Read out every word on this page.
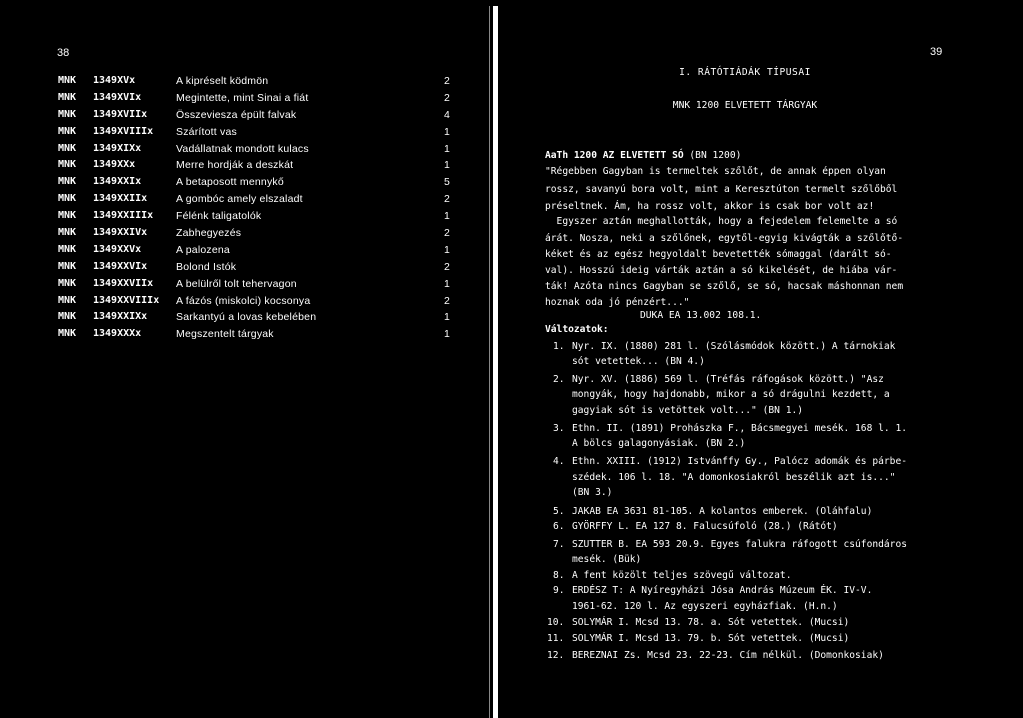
38	39
MNK 1349XVx	A kipréselt ködmön	2
MNK 1349XVIx	Megintette, mint Sinai a fiát	2
MNK 1349XVIIx	Összeviesza épült falvak	4
MNK 1349XVIIIx Szárított vas	1
MNK 1349XIXx	Vadállatnak mondott kulacs	1
MNK 1349XXx	Merre hordják a deszkát	1
MNK 1349XXIx	A betaposott mennykő	5
MNK 1349XXIIx	A gombóc amely elszaladt	2
MNK 1349XXIIIx Félénk taligatolók	1
MNK 1349XXIVx	Zabhegyezés	2
MNK 1349XXVx	A palozena	1
MNK 1349XXVIx	Bolond Istók	2
MNK 1349XXVIIx A belülről tolt tehervagon	1
MNK 1349XXVIIIx A fázós (miskolci) kocsonya	2
MNK 1349XXIXx	Sarkantyú a lovas kebelében	1
MNK 1349XXXx	Megszentelt tárgyak	1
I. RÁTÓTIÁDÁK TÍPUSAI
MNK 1200 ELVETETT TÁRGYAK
AaTh 1200 AZ ELVETETT SÓ (BN 1200)
"Régebben Gagyban is termeltek szőlőt, de annak éppen olyan
rossz, savanyú bora volt, mint a Keresztúton termelt szőlőből
préseltnek. Ám, ha rossz volt, akkor is csak bor volt az!
Egyszer aztán meghallották, hogy a fejedelem felemelte a só
árát. Nosza, neki a szőlőnek, egytől-egyig kivágták a szőlőtő-
kéket és az egész hegyoldalt bevetették sómaggal (darált só-
val). Hosszú ideig várták aztán a só kikelését, de hiába vár-
ták! Azóta nincs Gagyban se szőlő, se só, hacsak máshonnan nem
hoznak oda jó pénzért..."
DUKA EA 13.002 108.1.
Változatok:
1. Nyr. IX. (1880) 281 l. (Szólásmódok között.) A tárnokiak
sót vetettek... (BN 4.)
2. Nyr. XV. (1886) 569 l. (Tréfás ráfogások között.) "Asz
mongyák, hogy hajdonabb, mikor a só drágulni kezdett, a
gagyiak sót is vetöttek volt..." (BN 1.)
3. Ethn. II. (1891) Prohászka F., Bácsmegyei mesék. 168 l. 1.
A bölcs galagonyásiak. (BN 2.)
4. Ethn. XXIII. (1912) Istvánffy Gy., Palócz adomák és párbe-
szédek. 106 l. 18. "A domonkosiakról beszélik azt is..."
(BN 3.)
5. JAKAB EA 3631 81-105. A kolantos emberek. (Oláhfalu)
6. GYÖRFFY L. EA 127 8. Falucsúfoló (28.) (Rátót)
7. SZUTTER B. EA 593 20.9. Egyes falukra ráfogott csúfondáros
mesék. (Bük)
8. A fent közölt teljes szövegű változat.
9. ERDÉSZ T: A Nyíregyházi Jósa András Múzeum ÉK. IV-V.
1961-62. 120 l. Az egyszeri egyházfiak. (H.n.)
10. SOLYMÁR I. Mcsd 13. 78. a. Sót vetettek. (Mucsi)
11. SOLYMÁR I. Mcsd 13. 79. b. Sót vetettek. (Mucsi)
12. BEREZNAI Zs. Mcsd 23. 22-23. Cím nélkül. (Domonkosiak)
